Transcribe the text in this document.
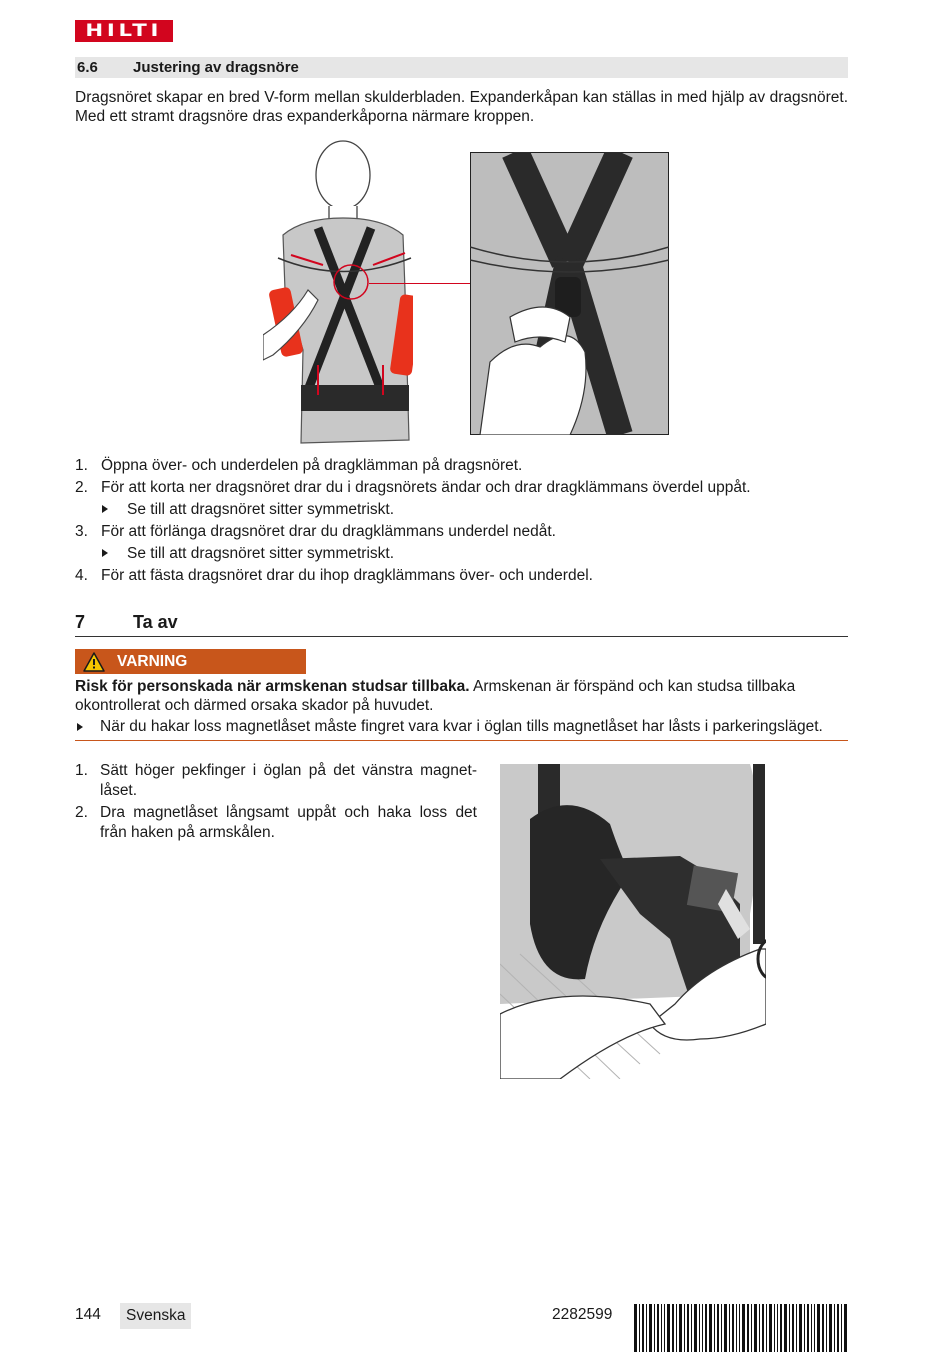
HILTI
6.6 Justering av dragsnöre
Dragsnöret skapar en bred V-form mellan skulderbladen. Expanderkåpan kan ställas in med hjälp av dragsnöret. Med ett stramt dragsnöre dras expanderkåporna närmare kroppen.
1. Öppna över- och underdelen på dragklämman på dragsnöret.
2. För att korta ner dragsnöret drar du i dragsnörets ändar och drar dragklämmans överdel uppåt.
Se till att dragsnöret sitter symmetriskt.
3. För att förlänga dragsnöret drar du dragklämmans underdel nedåt.
Se till att dragsnöret sitter symmetriskt.
4. För att fästa dragsnöret drar du ihop dragklämmans över- och underdel.
7	Ta av
VARNING
Risk för personskada när armskenan studsar tillbaka. Armskenan är förspänd och kan studsa tillbaka okontrollerat och därmed orsaka skador på huvudet.
När du hakar loss magnetlåset måste fingret vara kvar i öglan tills magnetlåset har låsts i parkeringsläget.
1. Sätt höger pekfinger i öglan på det vänstra magnetlåset.
2. Dra magnetlåset långsamt uppåt och haka loss det från haken på armskålen.
144	Svenska	2282599
